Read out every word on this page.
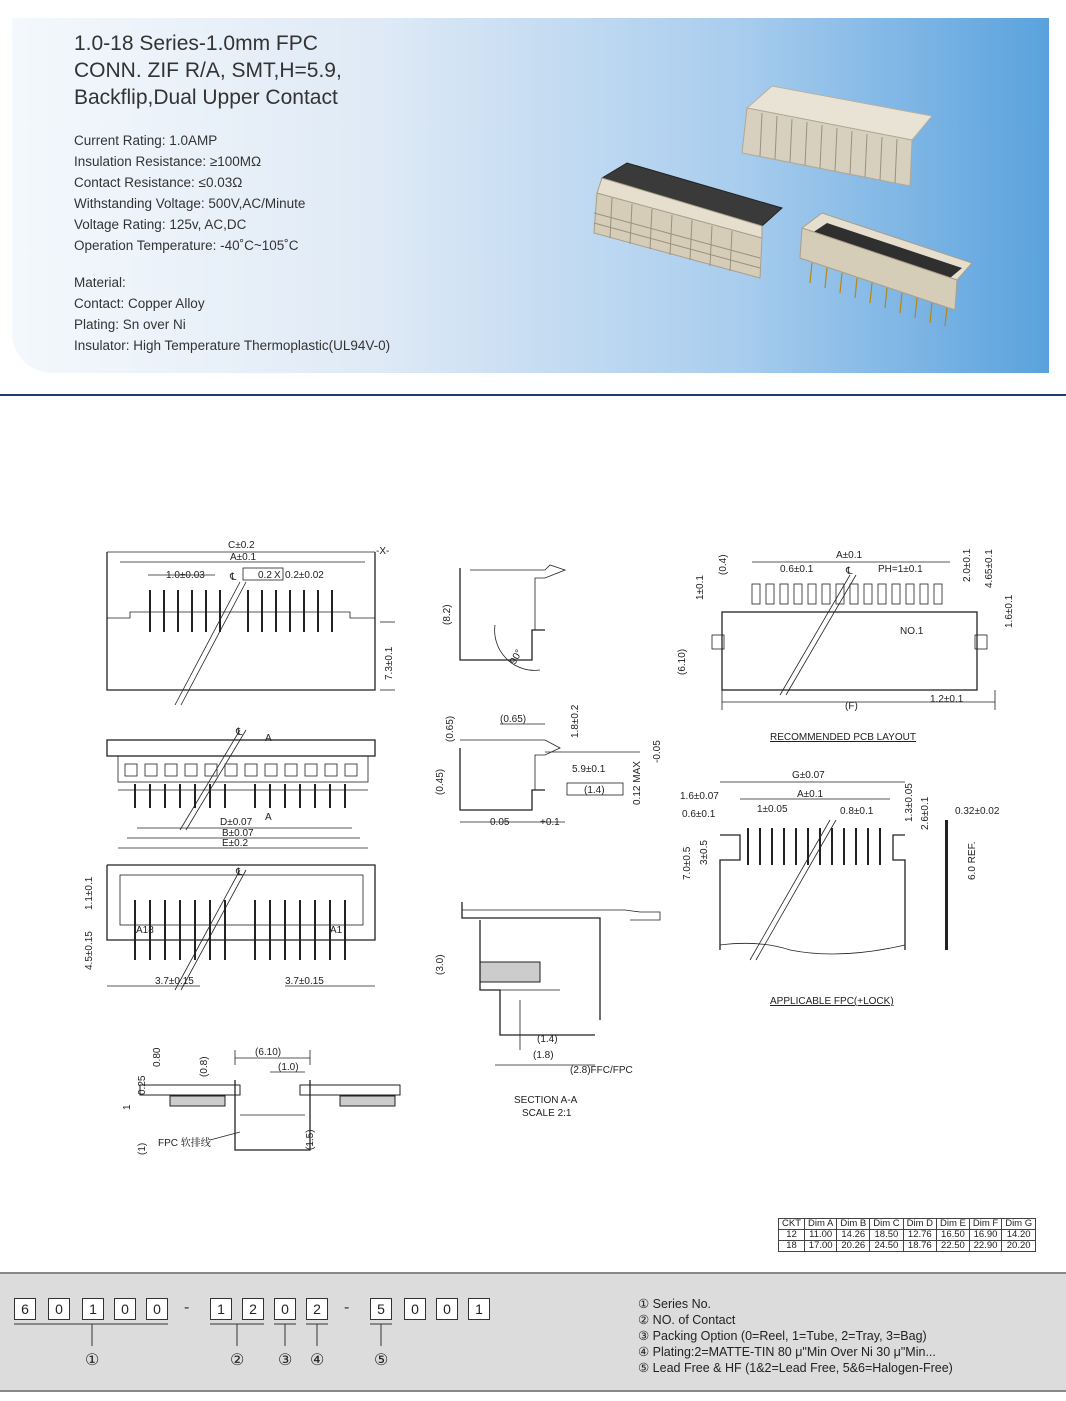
1.0-18 Series-1.0mm FPC
CONN. ZIF R/A, SMT,H=5.9,
Backflip,Dual Upper Contact
Current Rating: 1.0AMP
Insulation Resistance: ≥100MΩ
Contact Resistance: ≤0.03Ω
Withstanding Voltage: 500V,AC/Minute
Voltage Rating: 125v, AC,DC
Operation Temperature: -40˚C~105˚C
Material:
Contact: Copper Alloy
Plating: Sn over Ni
Insulator: High Temperature Thermoplastic(UL94V-0)
C±0.2
A±0.1
1.0±0.03	0.2 X 0.2±0.02
-X-
℄
7.3±0.1
℄
A
A
D±0.07
B±0.07
E±0.2
℄
A18	A1
1.1±0.1
4.5±0.15
3.7±0.15	3.7±0.15
(6.10)
(1.0)
(0.8)
0.80
0.25
1
(1)	(1.5)
FPC 软排线
(8.2)
90°
(0.65)
(0.65)	1.8±0.2
(0.45)	5.9±0.1
(1.4)	0.12 MAX
-0.05
0.05	+0.1
(3.0)
(1.4)
(1.8)
(2.8)FFC/FPC
SECTION A-A
SCALE 2:1
A±0.1
0.6±0.1	PH=1±0.1
℄
(F)
1.2±0.1
NO.1
(0.4)
1±0.1
2.0±0.1 4.65±0.1
1.6±0.1
(6.10)
RECOMMENDED PCB LAYOUT
G±0.07
A±0.1
1.6±0.07
0.6±0.1	1±0.05	0.8±0.1	1.3±0.05 2.6±0.1 0.32±0.02
7.0±0.5 3±0.5	6.0 REF.
APPLICABLE FPC(+LOCK)
CKT	Dim A	Dim B	Dim C	Dim D	Dim E	Dim F	Dim G
12	11.00	14.26	18.50	12.76	16.50	16.90	14.20
18	17.00	20.26	24.50	18.76	22.50	22.90	20.20
6	0	1	0	0	-	1	2	0	2	-	5	0	0	1
①	② ③ ④	⑤
① Series No.
② NO. of Contact
③ Packing Option (0=Reel, 1=Tube, 2=Tray, 3=Bag)
④ Plating:2=MATTE-TIN 80 μ"Min Over Ni 30 μ"Min...
⑤ Lead Free & HF (1&2=Lead Free, 5&6=Halogen-Free)
